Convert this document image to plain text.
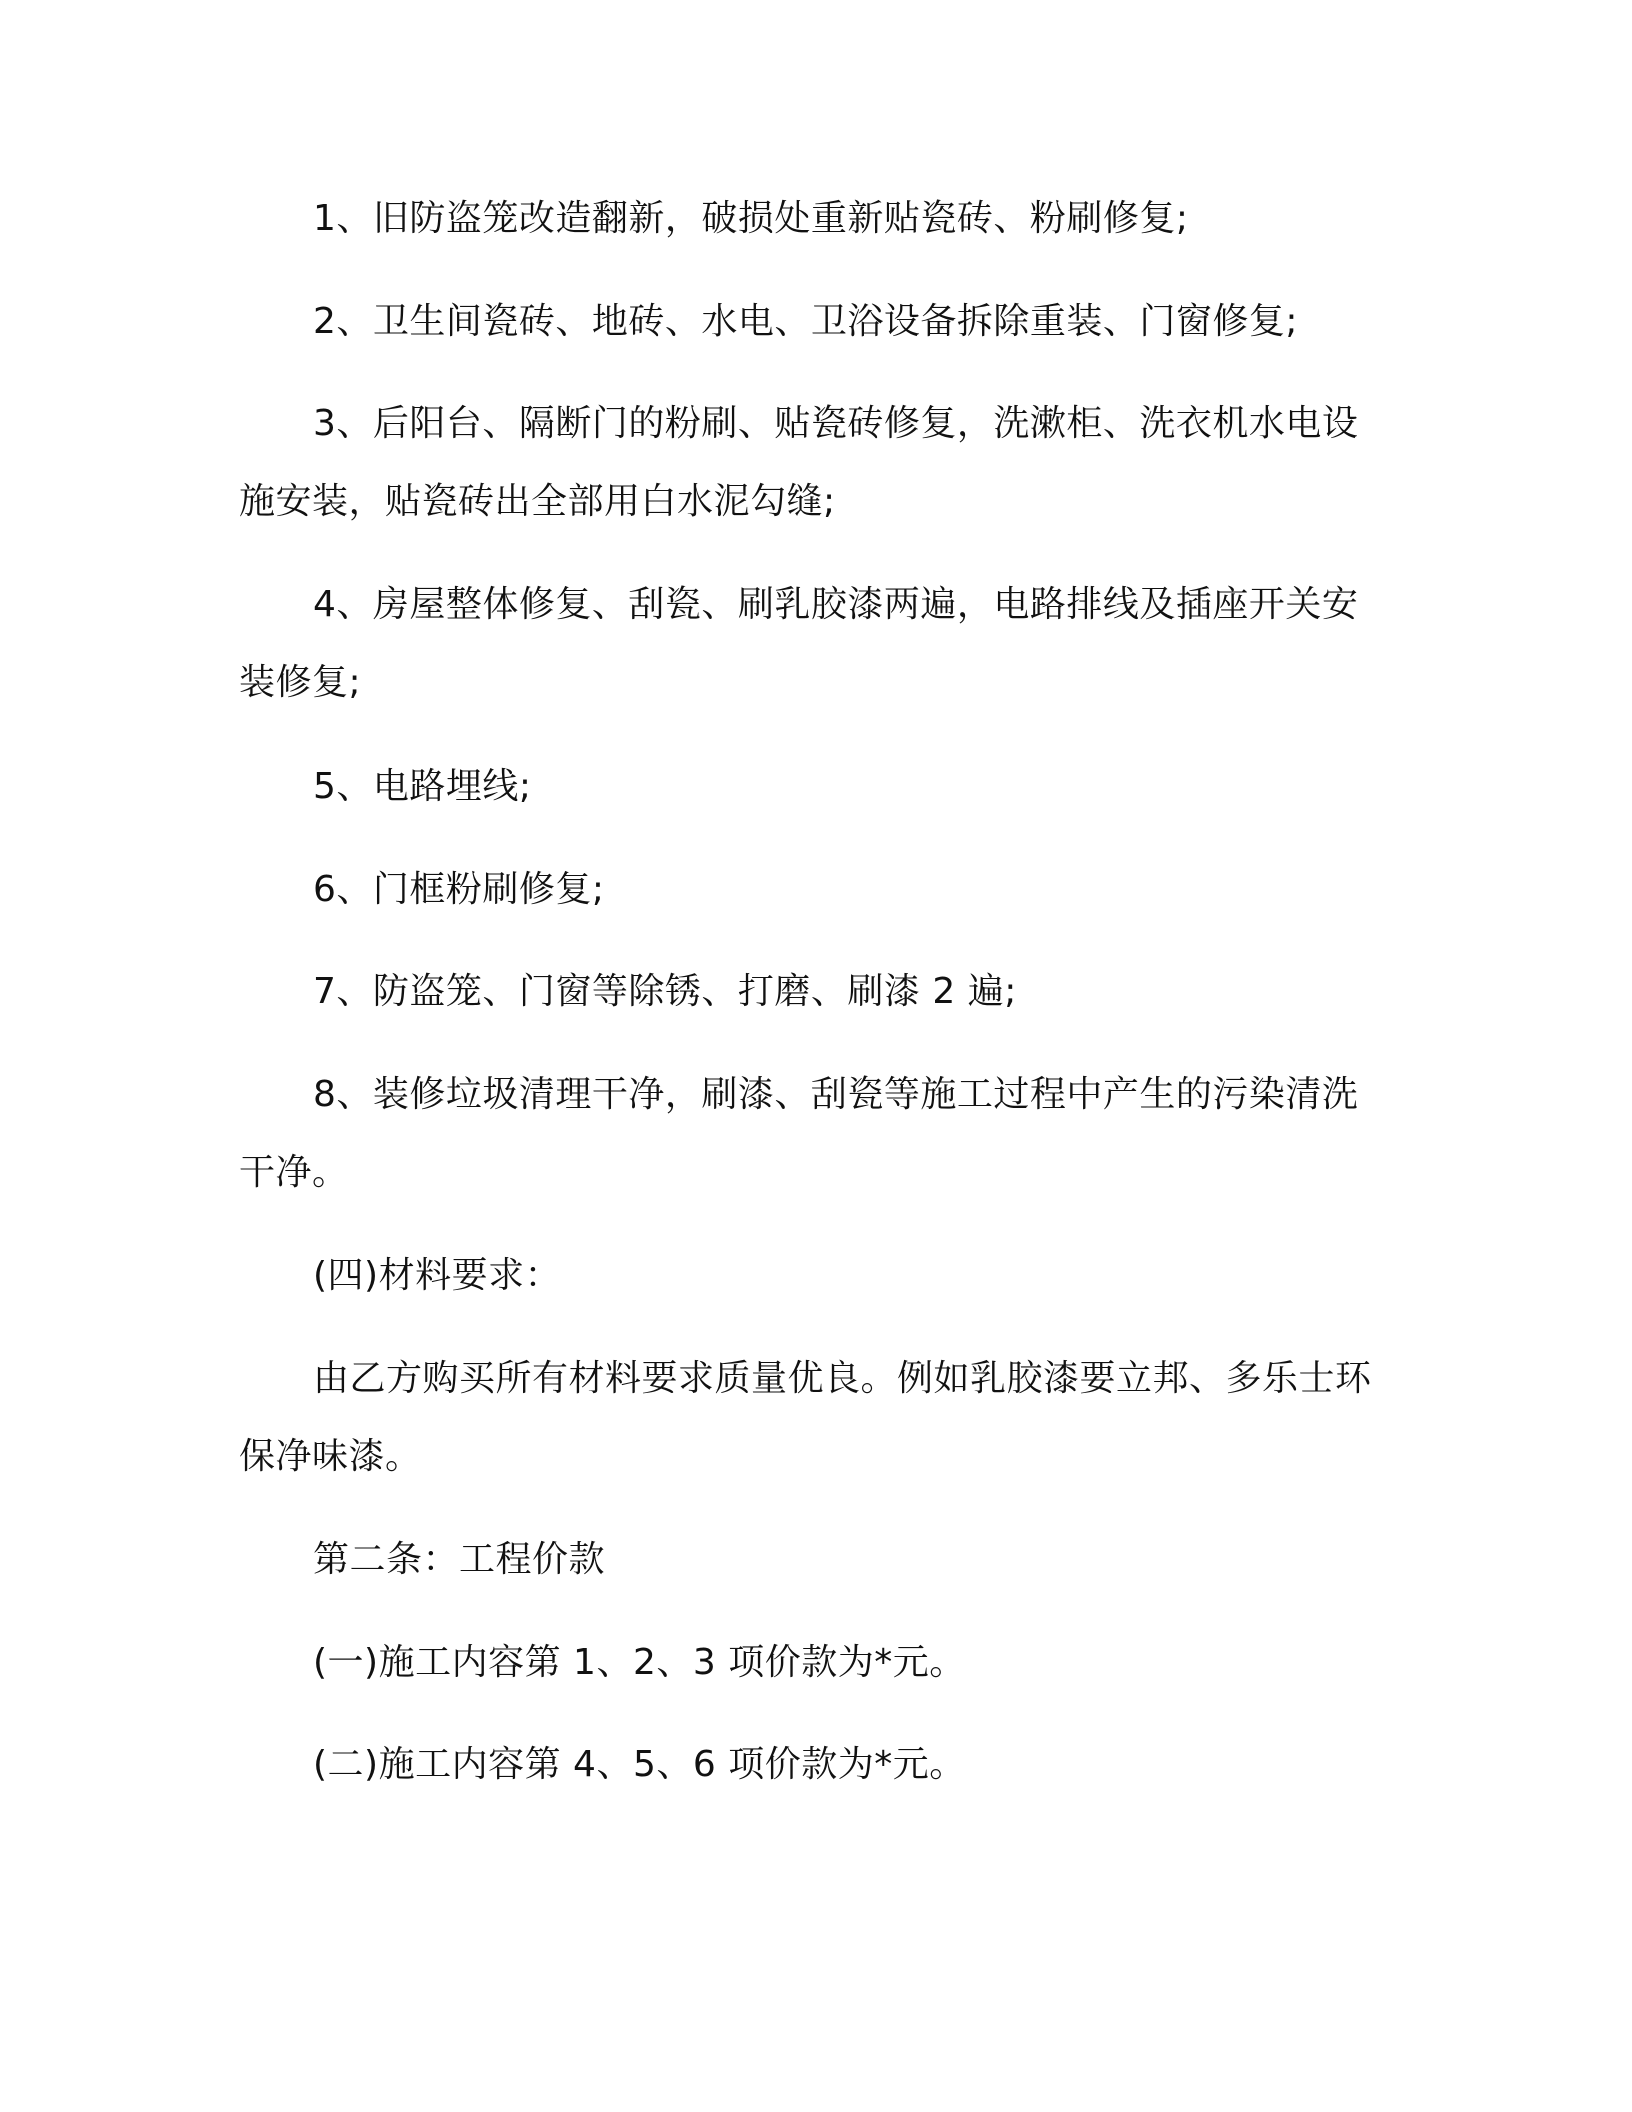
1、旧防盗笼改造翻新，破损处重新贴瓷砖、粉刷修复;

2、卫生间瓷砖、地砖、水电、卫浴设备拆除重装、门窗修复;

3、后阳台、隔断门的粉刷、贴瓷砖修复，洗漱柜、洗衣机水电设施安装，贴瓷砖出全部用白水泥勾缝;

4、房屋整体修复、刮瓷、刷乳胶漆两遍，电路排线及插座开关安装修复;

5、电路埋线;

6、门框粉刷修复;

7、防盗笼、门窗等除锈、打磨、刷漆 2 遍;

8、装修垃圾清理干净，刷漆、刮瓷等施工过程中产生的污染清洗干净。

(四)材料要求：

由乙方购买所有材料要求质量优良。例如乳胶漆要立邦、多乐士环保净味漆。

第二条：工程价款

(一)施工内容第 1、2、3 项价款为*元。

(二)施工内容第 4、5、6 项价款为*元。
